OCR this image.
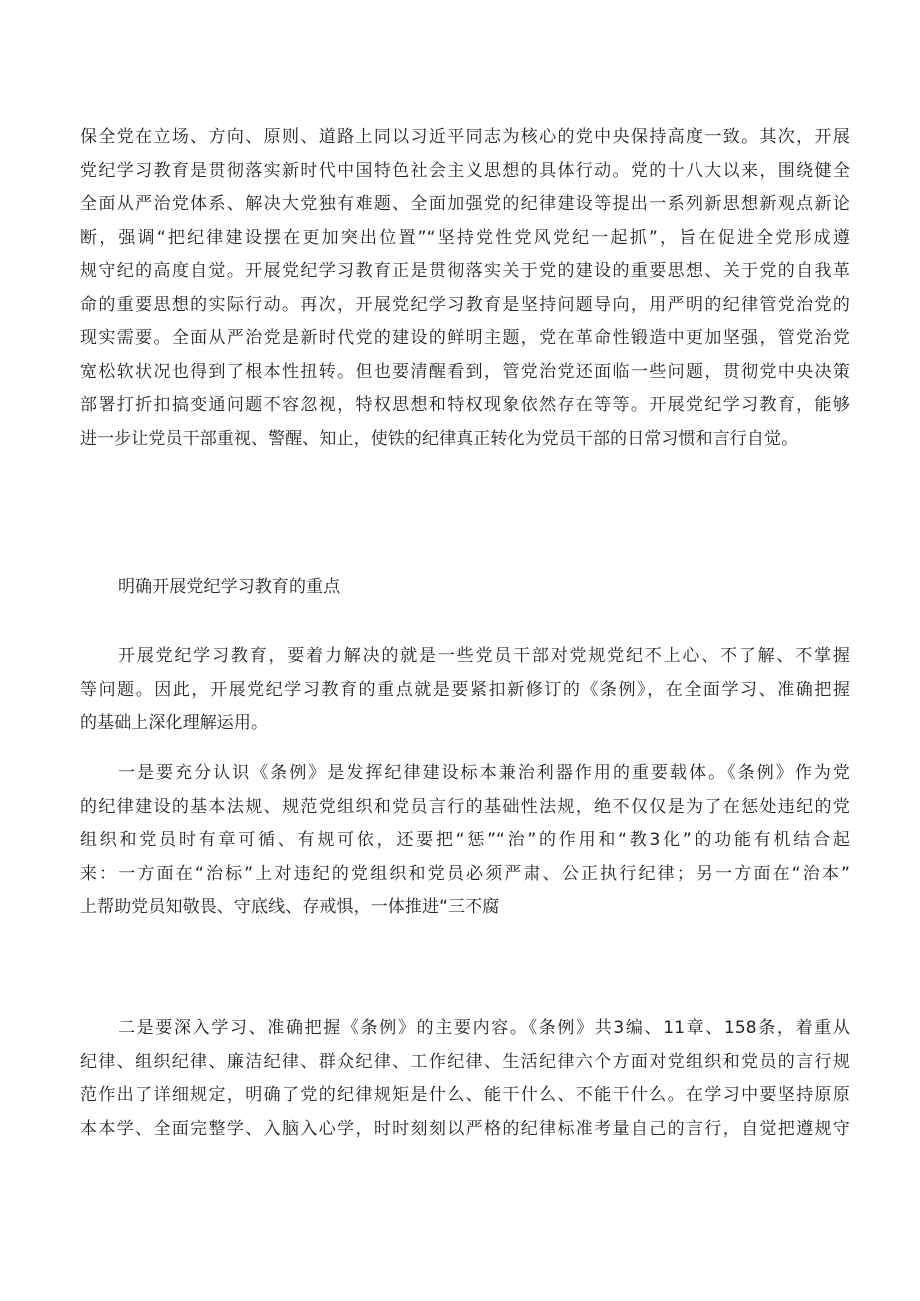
保全党在立场、方向、原则、道路上同以习近平同志为核心的党中央保持高度一致。其次，开展
党纪学习教育是贯彻落实新时代中国特色社会主义思想的具体行动。党的十八大以来，围绕健全
全面从严治党体系、解决大党独有难题、全面加强党的纪律建设等提出一系列新思想新观点新论
断，强调“把纪律建设摆在更加突出位置”“坚持党性党风党纪一起抓”，旨在促进全党形成遵
规守纪的高度自觉。开展党纪学习教育正是贯彻落实关于党的建设的重要思想、关于党的自我革
命的重要思想的实际行动。再次，开展党纪学习教育是坚持问题导向，用严明的纪律管党治党的
现实需要。全面从严治党是新时代党的建设的鲜明主题，党在革命性锻造中更加坚强，管党治党
宽松软状况也得到了根本性扭转。但也要清醒看到，管党治党还面临一些问题，贯彻党中央决策
部署打折扣搞变通问题不容忽视，特权思想和特权现象依然存在等等。开展党纪学习教育，能够
进一步让党员干部重视、警醒、知止，使铁的纪律真正转化为党员干部的日常习惯和言行自觉。
明确开展党纪学习教育的重点
开展党纪学习教育，要着力解决的就是一些党员干部对党规党纪不上心、不了解、不掌握
等问题。因此，开展党纪学习教育的重点就是要紧扣新修订的《条例》，在全面学习、准确把握
的基础上深化理解运用。
一是要充分认识《条例》是发挥纪律建设标本兼治利器作用的重要载体。《条例》作为党
的纪律建设的基本法规、规范党组织和党员言行的基础性法规，绝不仅仅是为了在惩处违纪的党
组织和党员时有章可循、有规可依，还要把“惩”“治”的作用和“教3化”的功能有机结合起
来：一方面在“治标”上对违纪的党组织和党员必须严肃、公正执行纪律；另一方面在“治本”
上帮助党员知敬畏、守底线、存戒惧，一体推进“三不腐
二是要深入学习、准确把握《条例》的主要内容。《条例》共3编、11章、158条，着重从
纪律、组织纪律、廉洁纪律、群众纪律、工作纪律、生活纪律六个方面对党组织和党员的言行规
范作出了详细规定，明确了党的纪律规矩是什么、能干什么、不能干什么。在学习中要坚持原原
本本学、全面完整学、入脑入心学，时时刻刻以严格的纪律标准考量自己的言行，自觉把遵规守
